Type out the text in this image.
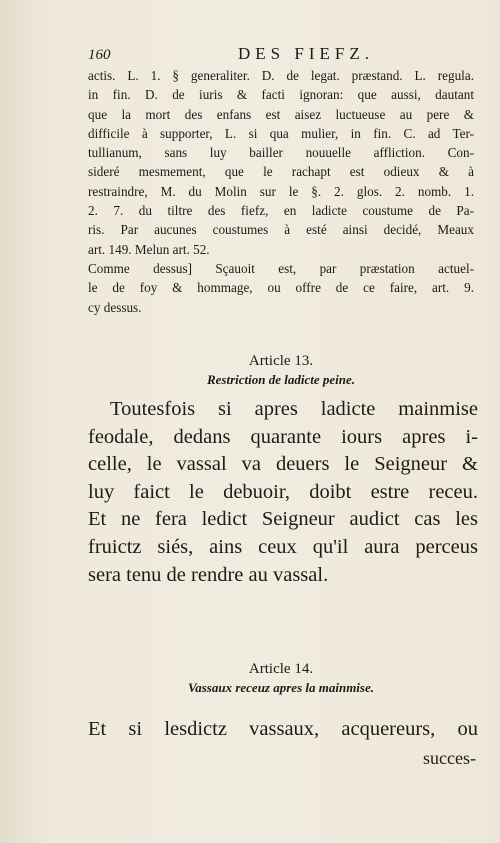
160	DES FIEFZ.
actis. L. 1. § generaliter. D. de legat. præstand. L. regula.
in fin. D. de iuris & facti ignoran: que aussi, dautant
que la mort des enfans est aisez luctueuse au pere &
difficile à supporter, L. si qua mulier, in fin. C. ad Ter-
tullianum, sans luy bailler nouuelle affliction. Con-
sideré mesmement, que le rachapt est odieux & à
restraindre, M. du Molin sur le §. 2. glos. 2. nomb. 1.
2. 7. du tiltre des fiefz, en ladicte coustume de Pa-
ris. Par aucunes coustumes à esté ainsi decidé, Meaux
art. 149. Melun art. 52.
Comme dessus] Sçauoit est, par præstation actuel-
le de foy & hommage, ou offre de ce faire, art. 9.
cy dessus.
Article 13.
Restriction de ladicte peine.
Toutesfois si apres ladicte mainmise
feodale, dedans quarante iours apres i-
celle, le vassal va deuers le Seigneur &
luy faict le debuoir, doibt estre receu.
Et ne fera ledict Seigneur audict cas les
fruictz siés, ains ceux qu'il aura perceus
sera tenu de rendre au vassal.
Article 14.
Vassaux receuz apres la mainmise.
Et si lesdictz vassaux, acquereurs, ou
succes-
